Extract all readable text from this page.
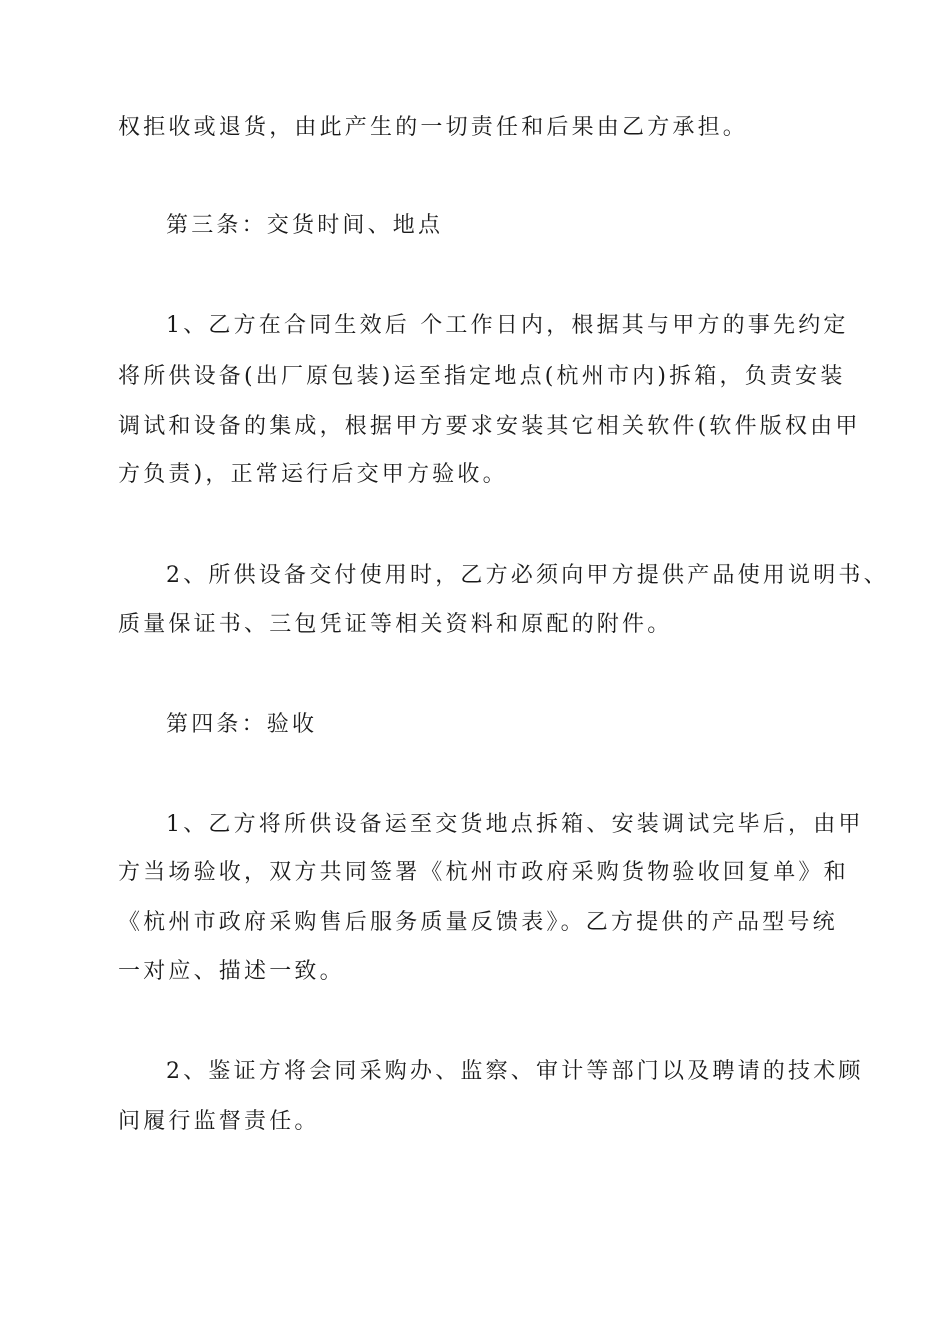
权拒收或退货，由此产生的一切责任和后果由乙方承担。
第三条：交货时间、地点
1、乙方在合同生效后 个工作日内，根据其与甲方的事先约定
将所供设备(出厂原包装)运至指定地点(杭州市内)拆箱，负责安装
调试和设备的集成，根据甲方要求安装其它相关软件(软件版权由甲
方负责)，正常运行后交甲方验收。
2、所供设备交付使用时，乙方必须向甲方提供产品使用说明书、
质量保证书、三包凭证等相关资料和原配的附件。
第四条：验收
1、乙方将所供设备运至交货地点拆箱、安装调试完毕后，由甲
方当场验收，双方共同签署《杭州市政府采购货物验收回复单》和
《杭州市政府采购售后服务质量反馈表》。乙方提供的产品型号统
一对应、描述一致。
2、鉴证方将会同采购办、监察、审计等部门以及聘请的技术顾
问履行监督责任。
